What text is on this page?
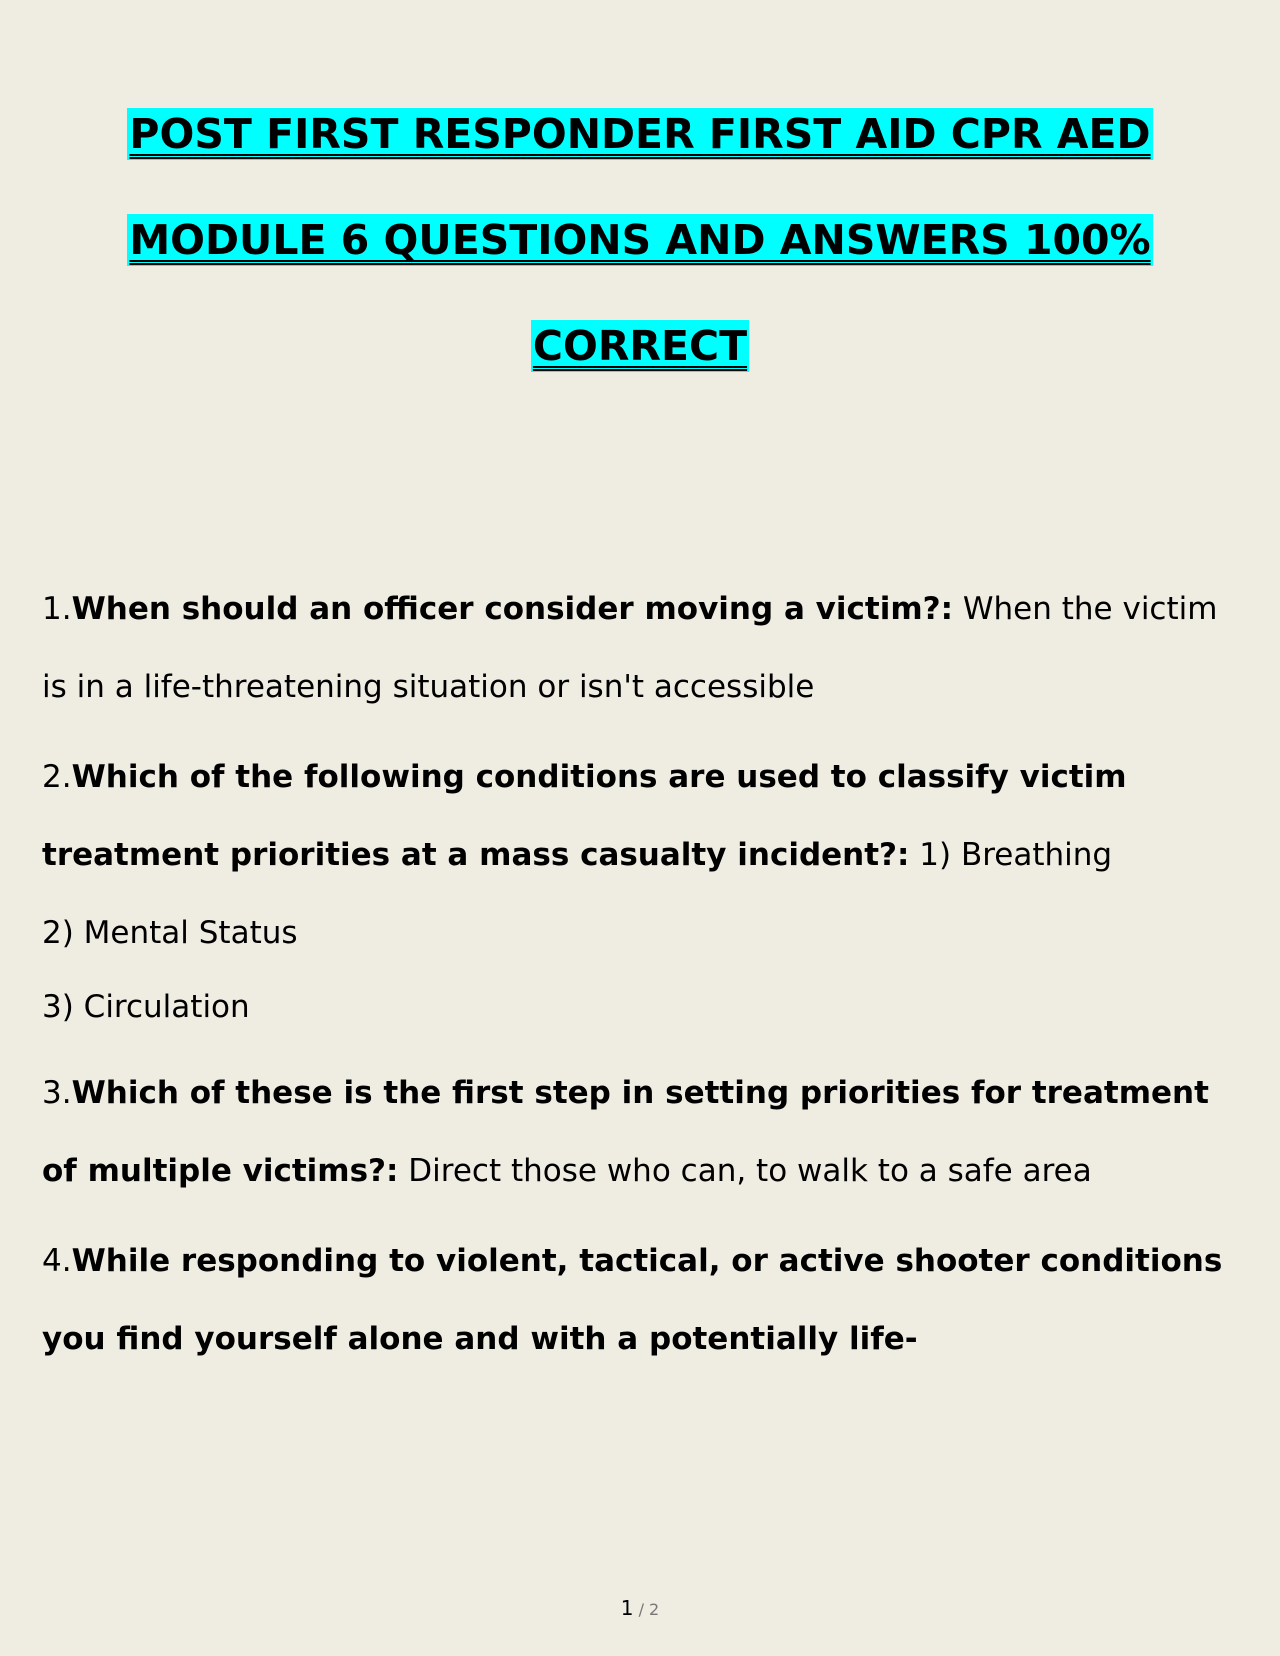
POST FIRST RESPONDER FIRST AID CPR AED
MODULE 6 QUESTIONS AND ANSWERS 100%
CORRECT
1.When should an officer consider moving a victim?: When the victim is in a life-threatening situation or isn't accessible
2.Which of the following conditions are used to classify victim treatment priorities at a mass casualty incident?: 1) Breathing
2) Mental Status
3) Circulation
3.Which of these is the first step in setting priorities for treatment of multiple victims?: Direct those who can, to walk to a safe area
4.While responding to violent, tactical, or active shooter conditions you find yourself alone and with a potentially life-
1 / 2
